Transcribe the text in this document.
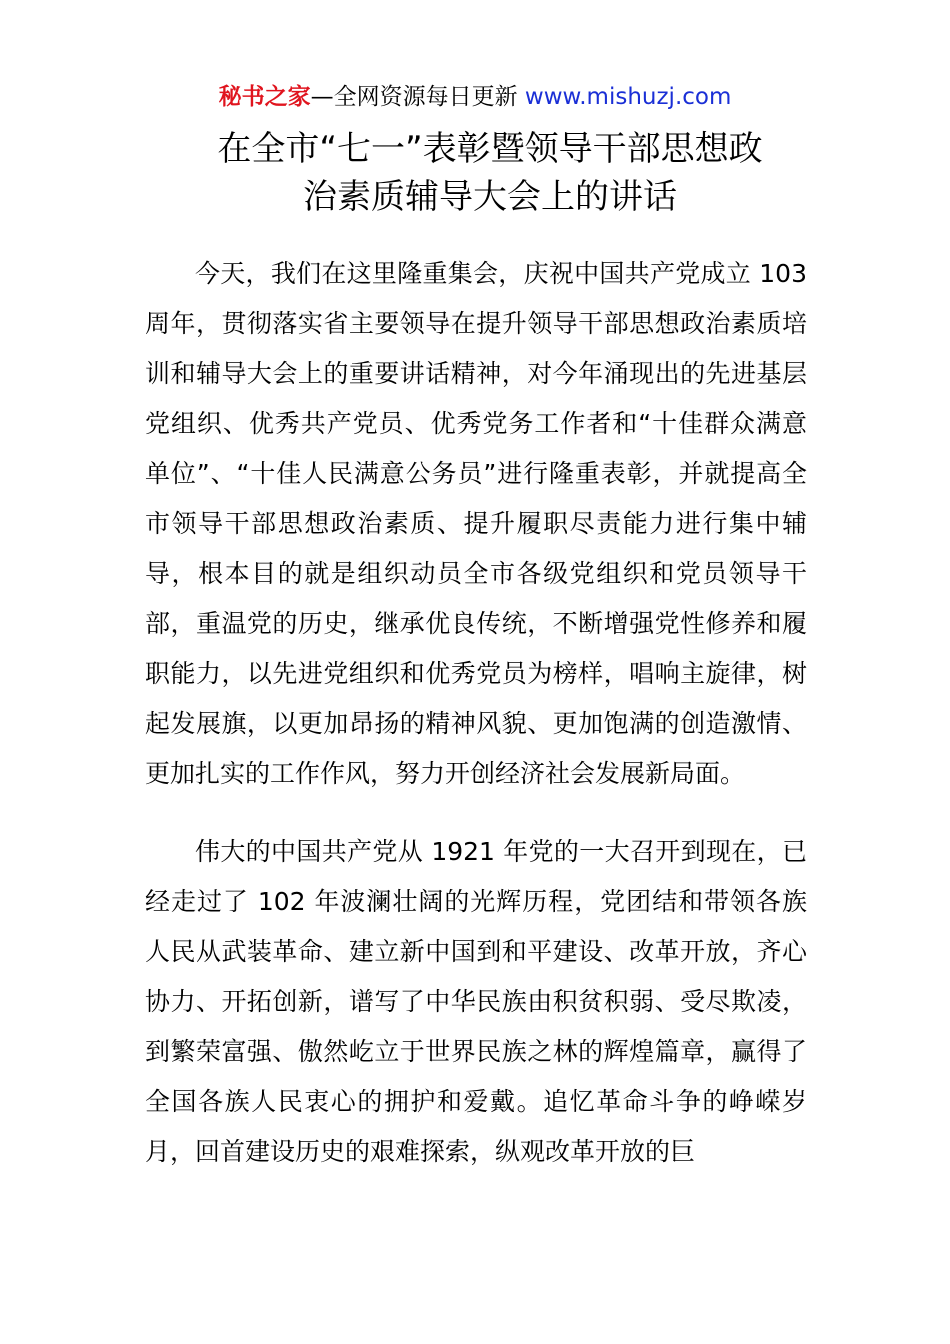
秘书之家—全网资源每日更新 www.mishuzj.com
在全市“七一”表彰暨领导干部思想政
治素质辅导大会上的讲话

今天，我们在这里隆重集会，庆祝中国共产党成立 103 周年，贯彻落实省主要领导在提升领导干部思想政治素质培训和辅导大会上的重要讲话精神，对今年涌现出的先进基层党组织、优秀共产党员、优秀党务工作者和“十佳群众满意单位”、“十佳人民满意公务员”进行隆重表彰，并就提高全市领导干部思想政治素质、提升履职尽责能力进行集中辅导，根本目的就是组织动员全市各级党组织和党员领导干部，重温党的历史，继承优良传统，不断增强党性修养和履职能力，以先进党组织和优秀党员为榜样，唱响主旋律，树起发展旗，以更加昂扬的精神风貌、更加饱满的创造激情、更加扎实的工作作风，努力开创经济社会发展新局面。

伟大的中国共产党从 1921 年党的一大召开到现在，已经走过了 102 年波澜壮阔的光辉历程，党团结和带领各族人民从武装革命、建立新中国到和平建设、改革开放，齐心协力、开拓创新，谱写了中华民族由积贫积弱、受尽欺凌，到繁荣富强、傲然屹立于世界民族之林的辉煌篇章，赢得了全国各族人民衷心的拥护和爱戴。追忆革命斗争的峥嵘岁月，回首建设历史的艰难探索，纵观改革开放的巨
